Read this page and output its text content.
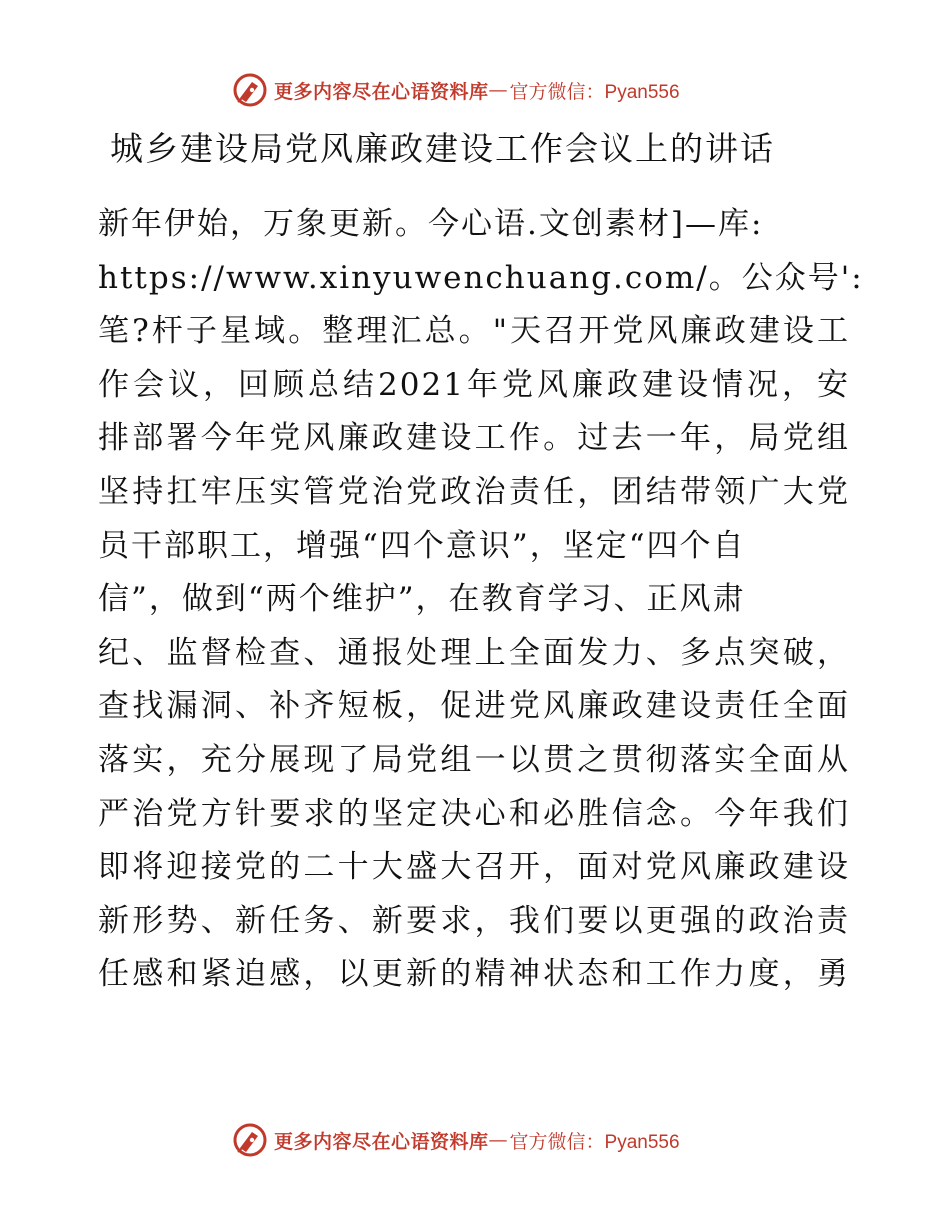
更多内容尽在心语资料库 — 官方微信：Pyan556
城乡建设局党风廉政建设工作会议上的讲话
新年伊始，万象更新。今心语.文创素材]—库:
https://www.xinyuwenchuang.com/。公众号':
笔?杆子星域。整理汇总。"天召开党风廉政建设工
作会议，回顾总结2021年党风廉政建设情况，安
排部署今年党风廉政建设工作。过去一年，局党组
坚持扛牢压实管党治党政治责任，团结带领广大党
员干部职工，增强“四个意识”，坚定“四个自
信”，做到“两个维护”，在教育学习、正风肃
纪、监督检查、通报处理上全面发力、多点突破，
查找漏洞、补齐短板，促进党风廉政建设责任全面
落实，充分展现了局党组一以贯之贯彻落实全面从
严治党方针要求的坚定决心和必胜信念。今年我们
即将迎接党的二十大盛大召开，面对党风廉政建设
新形势、新任务、新要求，我们要以更强的政治责
任感和紧迫感，以更新的精神状态和工作力度，勇
更多内容尽在心语资料库 — 官方微信：Pyan556
